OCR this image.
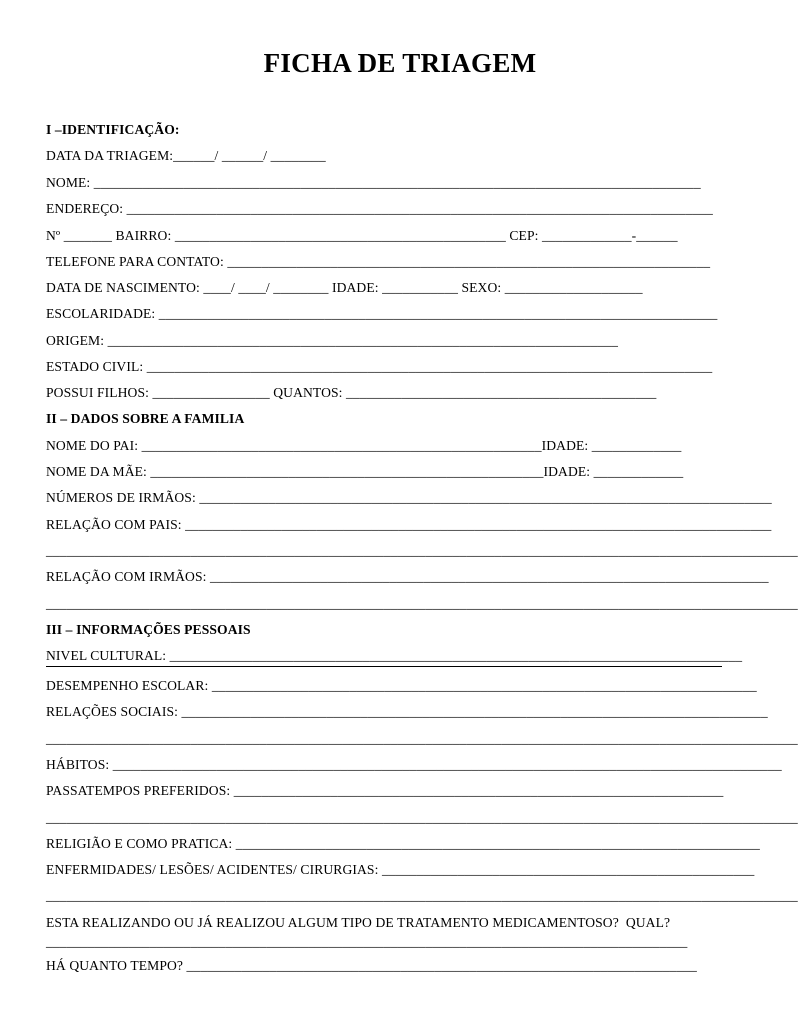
FICHA DE TRIAGEM
I –IDENTIFICAÇÃO:
DATA DA TRIAGEM:______/ ______/ ________
NOME: ________________________________________________________________________________________
ENDEREÇO: _____________________________________________________________________________________
Nº _______ BAIRRO: ________________________________________________ CEP: _____________-______
TELEFONE PARA CONTATO: ______________________________________________________________________
DATA DE NASCIMENTO: ____/ ____/ ________ IDADE: ___________ SEXO: ____________________
ESCOLARIDADE: _________________________________________________________________________________
ORIGEM: __________________________________________________________________________
ESTADO CIVIL: __________________________________________________________________________________
POSSUI FILHOS: _________________ QUANTOS: _____________________________________________
II – DADOS SOBRE A FAMILIA
NOME DO PAI: __________________________________________________________IDADE: _____________
NOME DA MÃE: _________________________________________________________IDADE: _____________
NÚMEROS DE IRMÃOS: ___________________________________________________________________________________
RELAÇÃO COM PAIS: _____________________________________________________________________________________
_____________________________________________________________________________________________________________
RELAÇÃO COM IRMÃOS: _________________________________________________________________________________
_____________________________________________________________________________________________________________
III – INFORMAÇÕES PESSOAIS
NIVEL CULTURAL: ___________________________________________________________________________________
DESEMPENHO ESCOLAR: _______________________________________________________________________________
RELAÇÕES SOCIAIS: _____________________________________________________________________________________
_____________________________________________________________________________________________________________
HÁBITOS: _________________________________________________________________________________________________
PASSATEMPOS PREFERIDOS: _______________________________________________________________________
_____________________________________________________________________________________________________________
RELIGIÃO E COMO PRATICA: ____________________________________________________________________________
ENFERMIDADES/ LESÕES/ ACIDENTES/ CIRURGIAS: ______________________________________________________
_____________________________________________________________________________________________________________
ESTA REALIZANDO OU JÁ REALIZOU ALGUM TIPO DE TRATAMENTO MEDICAMENTOSO?  QUAL?
_____________________________________________________________________________________________
HÁ QUANTO TEMPO? __________________________________________________________________________
